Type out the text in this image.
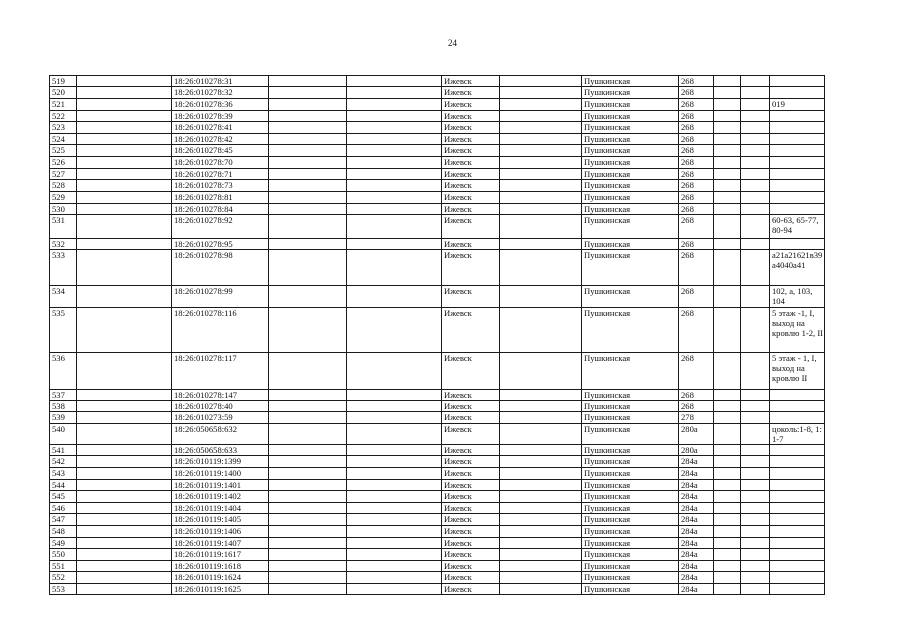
24
519		18:26:010278:31			Ижевск		Пушкинская	268			
520		18:26:010278:32			Ижевск		Пушкинская	268			
521		18:26:010278:36			Ижевск		Пушкинская	268			019
522		18:26:010278:39			Ижевск		Пушкинская	268			
523		18:26:010278:41			Ижевск		Пушкинская	268			
524		18:26:010278:42			Ижевск		Пушкинская	268			
525		18:26:010278:45			Ижевск		Пушкинская	268			
526		18:26:010278:70			Ижевск		Пушкинская	268			
527		18:26:010278:71			Ижевск		Пушкинская	268			
528		18:26:010278:73			Ижевск		Пушкинская	268			
529		18:26:010278:81			Ижевск		Пушкинская	268			
530		18:26:010278:84			Ижевск		Пушкинская	268			
531		18:26:010278:92			Ижевск		Пушкинская	268			60-63, 65-77, 80-94
532		18:26:010278:95			Ижевск		Пушкинская	268			
533		18:26:010278:98			Ижевск		Пушкинская	268			a21a21621в39a4040a41
534		18:26:010278:99			Ижевск		Пушкинская	268			102, а, 103, 104
535		18:26:010278:116			Ижевск		Пушкинская	268			5 этаж -1, I, выход на кровлю 1-2, II
536		18:26:010278:117			Ижевск		Пушкинская	268			5 этаж - 1, I, выход на кровлю II
537		18:26:010278:147			Ижевск		Пушкинская	268			
538		18:26:010278:40			Ижевск		Пушкинская	268			
539		18:26:010273:59			Ижевск		Пушкинская	278			
540		18:26:050658:632			Ижевск		Пушкинская	280а			цоколь:1-8, 1: 1-7
541		18:26:050658:633			Ижевск		Пушкинская	280а			
542		18:26:010119:1399			Ижевск		Пушкинская	284а			
543		18:26:010119:1400			Ижевск		Пушкинская	284а			
544		18:26:010119:1401			Ижевск		Пушкинская	284а			
545		18:26:010119:1402			Ижевск		Пушкинская	284а			
546		18:26:010119:1404			Ижевск		Пушкинская	284а			
547		18:26:010119:1405			Ижевск		Пушкинская	284а			
548		18:26:010119:1406			Ижевск		Пушкинская	284а			
549		18:26:010119:1407			Ижевск		Пушкинская	284а			
550		18:26:010119:1617			Ижевск		Пушкинская	284а			
551		18:26:010119:1618			Ижевск		Пушкинская	284а			
552		18:26:010119:1624			Ижевск		Пушкинская	284а			
553		18:26:010119:1625			Ижевск		Пушкинская	284а			
